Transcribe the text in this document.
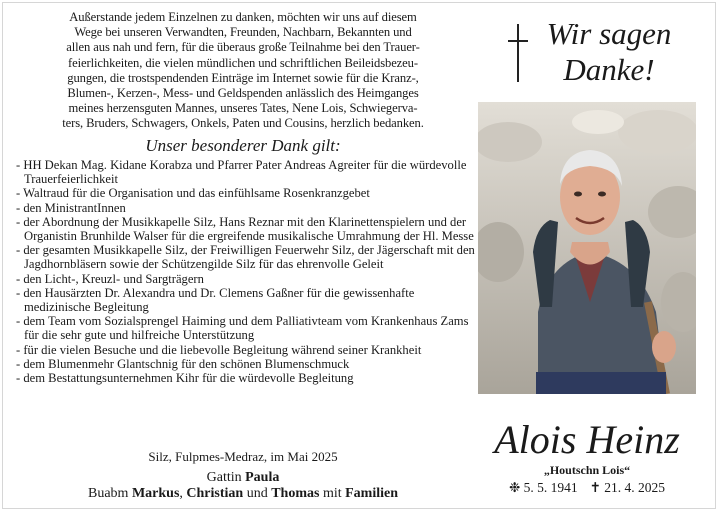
Außerstande jedem Einzelnen zu danken, möchten wir uns auf diesem
Wege bei unseren Verwandten, Freunden, Nachbarn, Bekannten und
allen aus nah und fern, für die überaus große Teilnahme bei den Trauer-
feierlichkeiten, die vielen mündlichen und schriftlichen Beileidsbezeu-
gungen, die trostspendenden Einträge im Internet sowie für die Kranz-,
Blumen-, Kerzen-, Mess- und Geldspenden anlässlich des Heimganges
meines herzensguten Mannes, unseres Tates, Nene Lois, Schwiegerva-
ters, Bruders, Schwagers, Onkels, Paten und Cousins, herzlich bedanken.
Unser besonderer Dank gilt:
- HH Dekan Mag. Kidane Korabza und Pfarrer Pater Andreas Agreiter für die würdevolle Trauerfeierlichkeit
- Waltraud für die Organisation und das einfühlsame Rosenkranzgebet
- den MinistrantInnen
- der Abordnung der Musikkapelle Silz, Hans Reznar mit den Klarinettenspielern und der Organistin Brunhilde Walser für die ergreifende musikalische Umrahmung der Hl. Messe
- der gesamten Musikkapelle Silz, der Freiwilligen Feuerwehr Silz, der Jägerschaft mit den Jagdhornbläsern sowie der Schützengilde Silz für das ehrenvolle Geleit
- den Licht-, Kreuzl- und Sargträgern
- den Hausärzten Dr. Alexandra und Dr. Clemens Gaßner für die gewissenhafte medizinische Begleitung
- dem Team vom Sozialsprengel Haiming und dem Palliativteam vom Krankenhaus Zams für die sehr gute und hilfreiche Unterstützung
- für die vielen Besuche und die liebevolle Begleitung während seiner Krankheit
- dem Blumenmehr Glantschnig für den schönen Blumenschmuck
- dem Bestattungsunternehmen Kihr für die würdevolle Begleitung
Silz, Fulpmes-Medraz, im Mai 2025
Gattin Paula
Buabm Markus, Christian und Thomas mit Familien
Wir sagen
Danke!
Alois Heinz
„Houtschn Lois“
❉ 5. 5. 1941 ✝ 21. 4. 2025
